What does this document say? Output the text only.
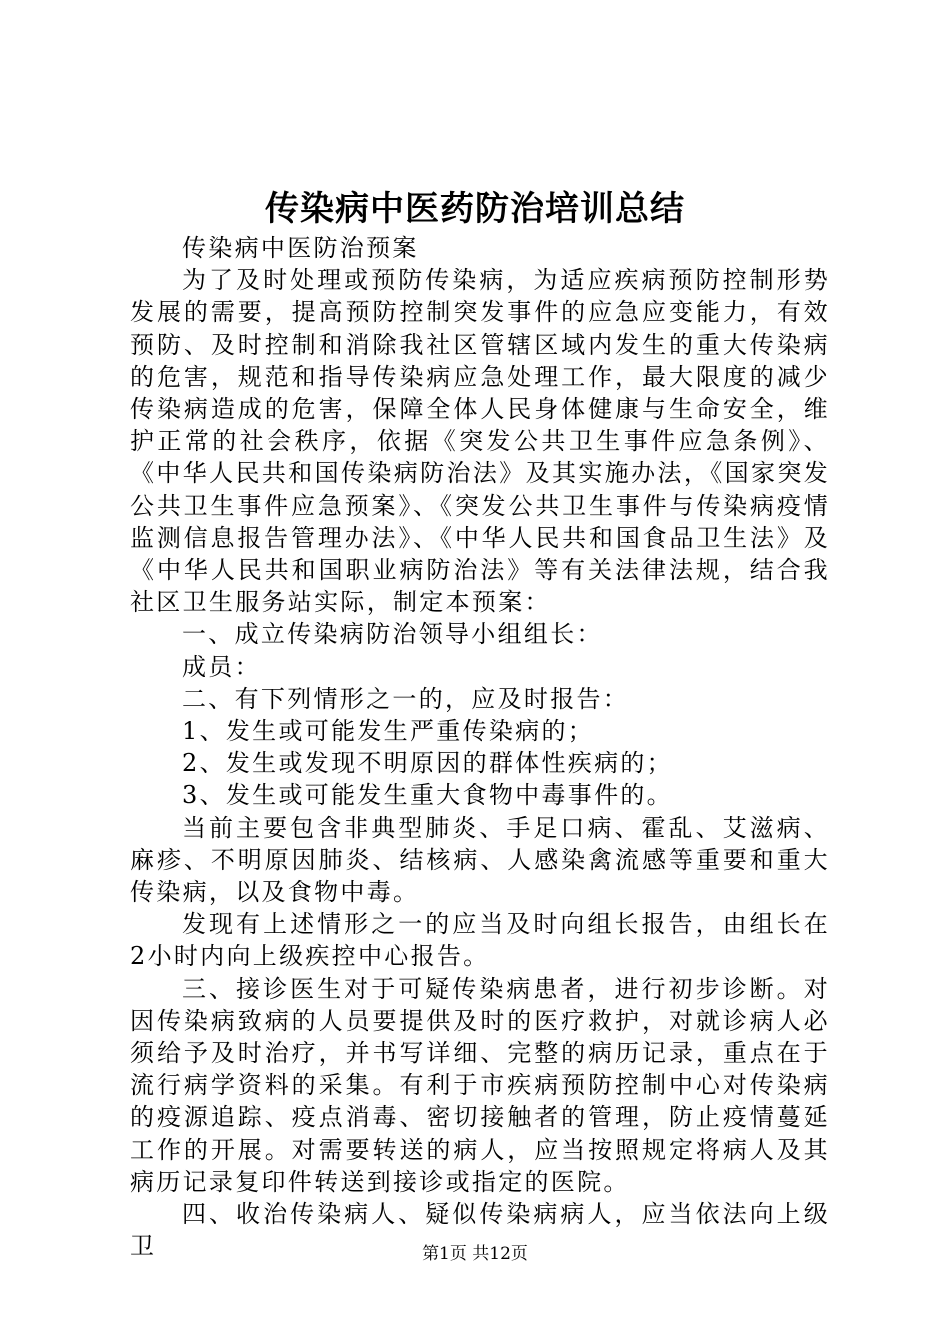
传染病中医药防治培训总结

传染病中医防治预案

为了及时处理或预防传染病，为适应疾病预防控制形势发展的需要，提高预防控制突发事件的应急应变能力，有效预防、及时控制和消除我社区管辖区域内发生的重大传染病的危害，规范和指导传染病应急处理工作，最大限度的减少传染病造成的危害，保障全体人民身体健康与生命安全，维护正常的社会秩序，依据《突发公共卫生事件应急条例》、《中华人民共和国传染病防治法》及其实施办法，《国家突发公共卫生事件应急预案》、《突发公共卫生事件与传染病疫情监测信息报告管理办法》、《中华人民共和国食品卫生法》及《中华人民共和国职业病防治法》等有关法律法规，结合我社区卫生服务站实际，制定本预案：

一、成立传染病防治领导小组组长：

成员：

二、有下列情形之一的，应及时报告：

1、发生或可能发生严重传染病的；

2、发生或发现不明原因的群体性疾病的；

3、发生或可能发生重大食物中毒事件的。

当前主要包含非典型肺炎、手足口病、霍乱、艾滋病、麻疹、不明原因肺炎、结核病、人感染禽流感等重要和重大传染病，以及食物中毒。

发现有上述情形之一的应当及时向组长报告，由组长在2小时内向上级疾控中心报告。

三、接诊医生对于可疑传染病患者，进行初步诊断。对因传染病致病的人员要提供及时的医疗救护，对就诊病人必须给予及时治疗，并书写详细、完整的病历记录，重点在于流行病学资料的采集。有利于市疾病预防控制中心对传染病的疫源追踪、疫点消毒、密切接触者的管理，防止疫情蔓延工作的开展。对需要转送的病人，应当按照规定将病人及其病历记录复印件转送到接诊或指定的医院。

四、收治传染病人、疑似传染病病人，应当依法向上级卫	第1页 共12页
